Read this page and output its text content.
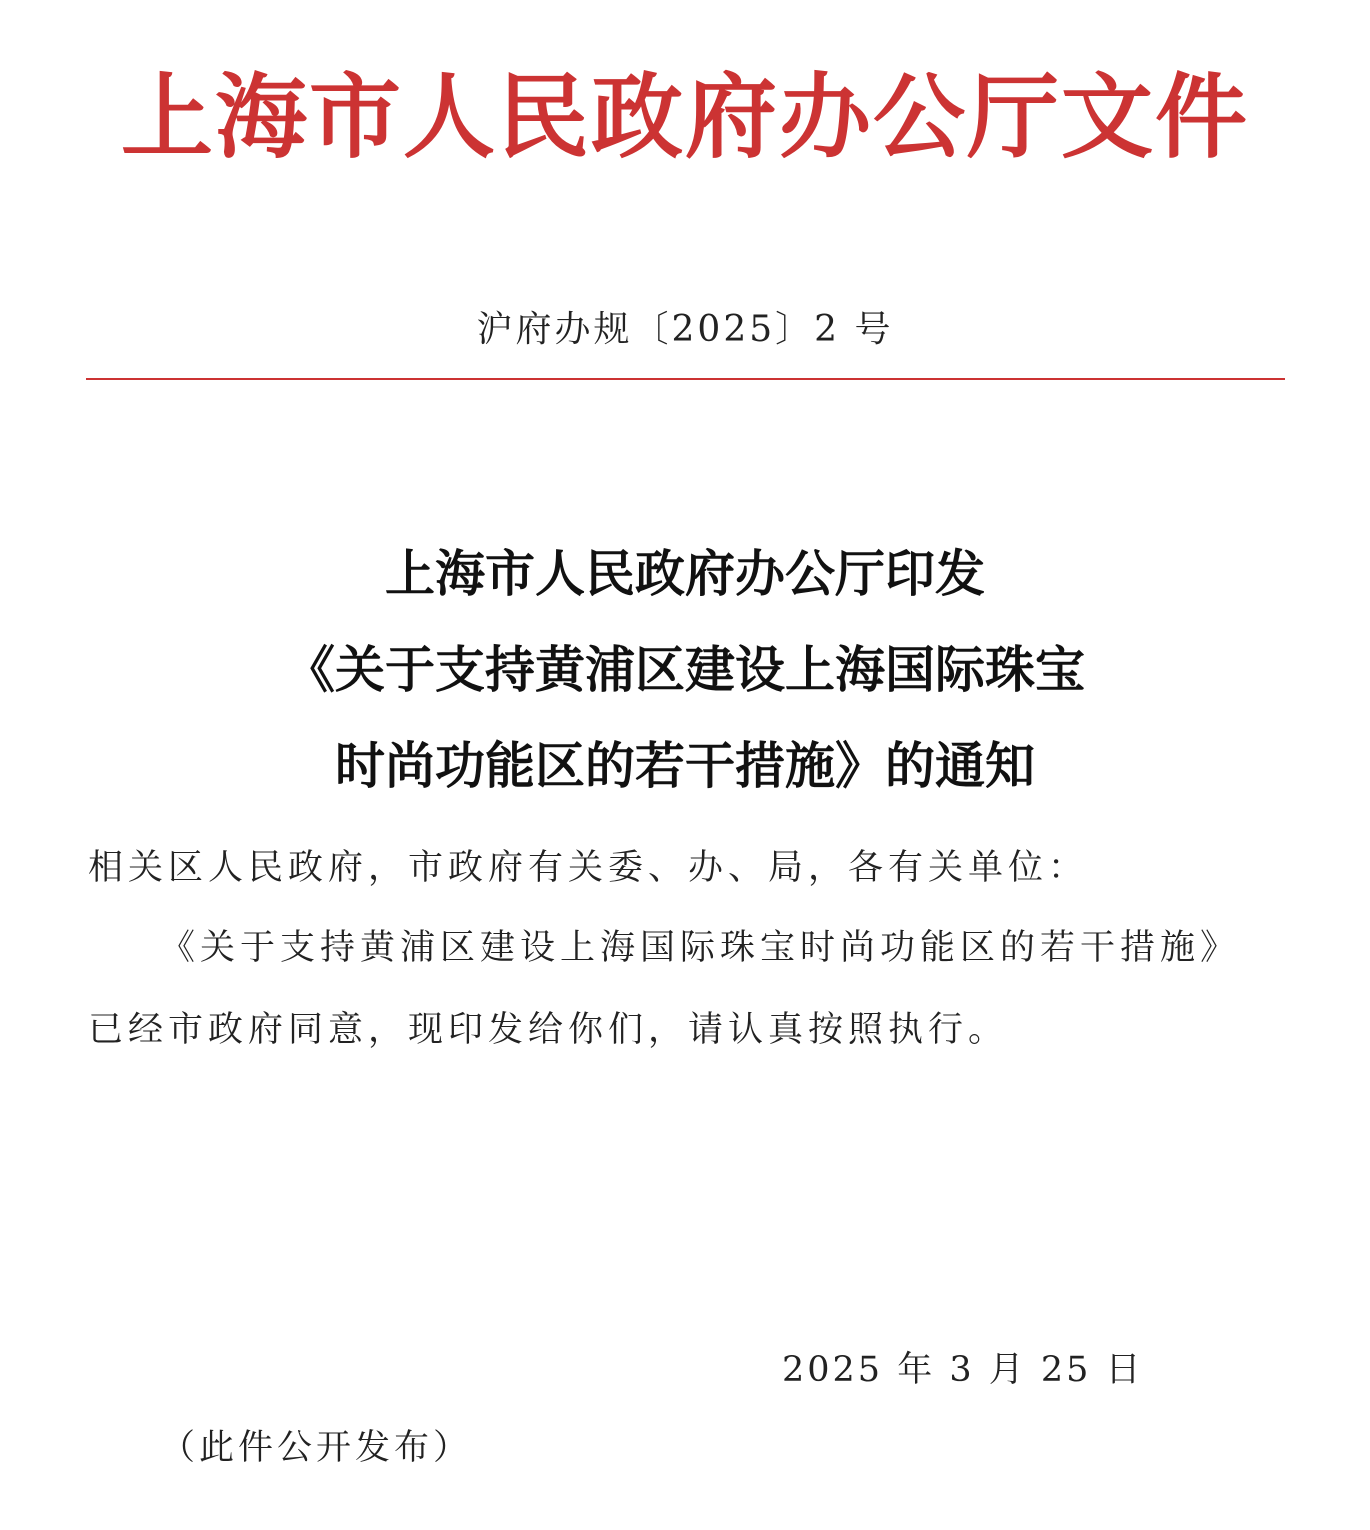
上海市人民政府办公厅文件
沪府办规〔2025〕2 号
上海市人民政府办公厅印发
《关于支持黄浦区建设上海国际珠宝
时尚功能区的若干措施》的通知
相关区人民政府，市政府有关委、办、局，各有关单位：
《关于支持黄浦区建设上海国际珠宝时尚功能区的若干措施》
已经市政府同意，现印发给你们，请认真按照执行。
2025 年 3 月 25 日
（此件公开发布）
